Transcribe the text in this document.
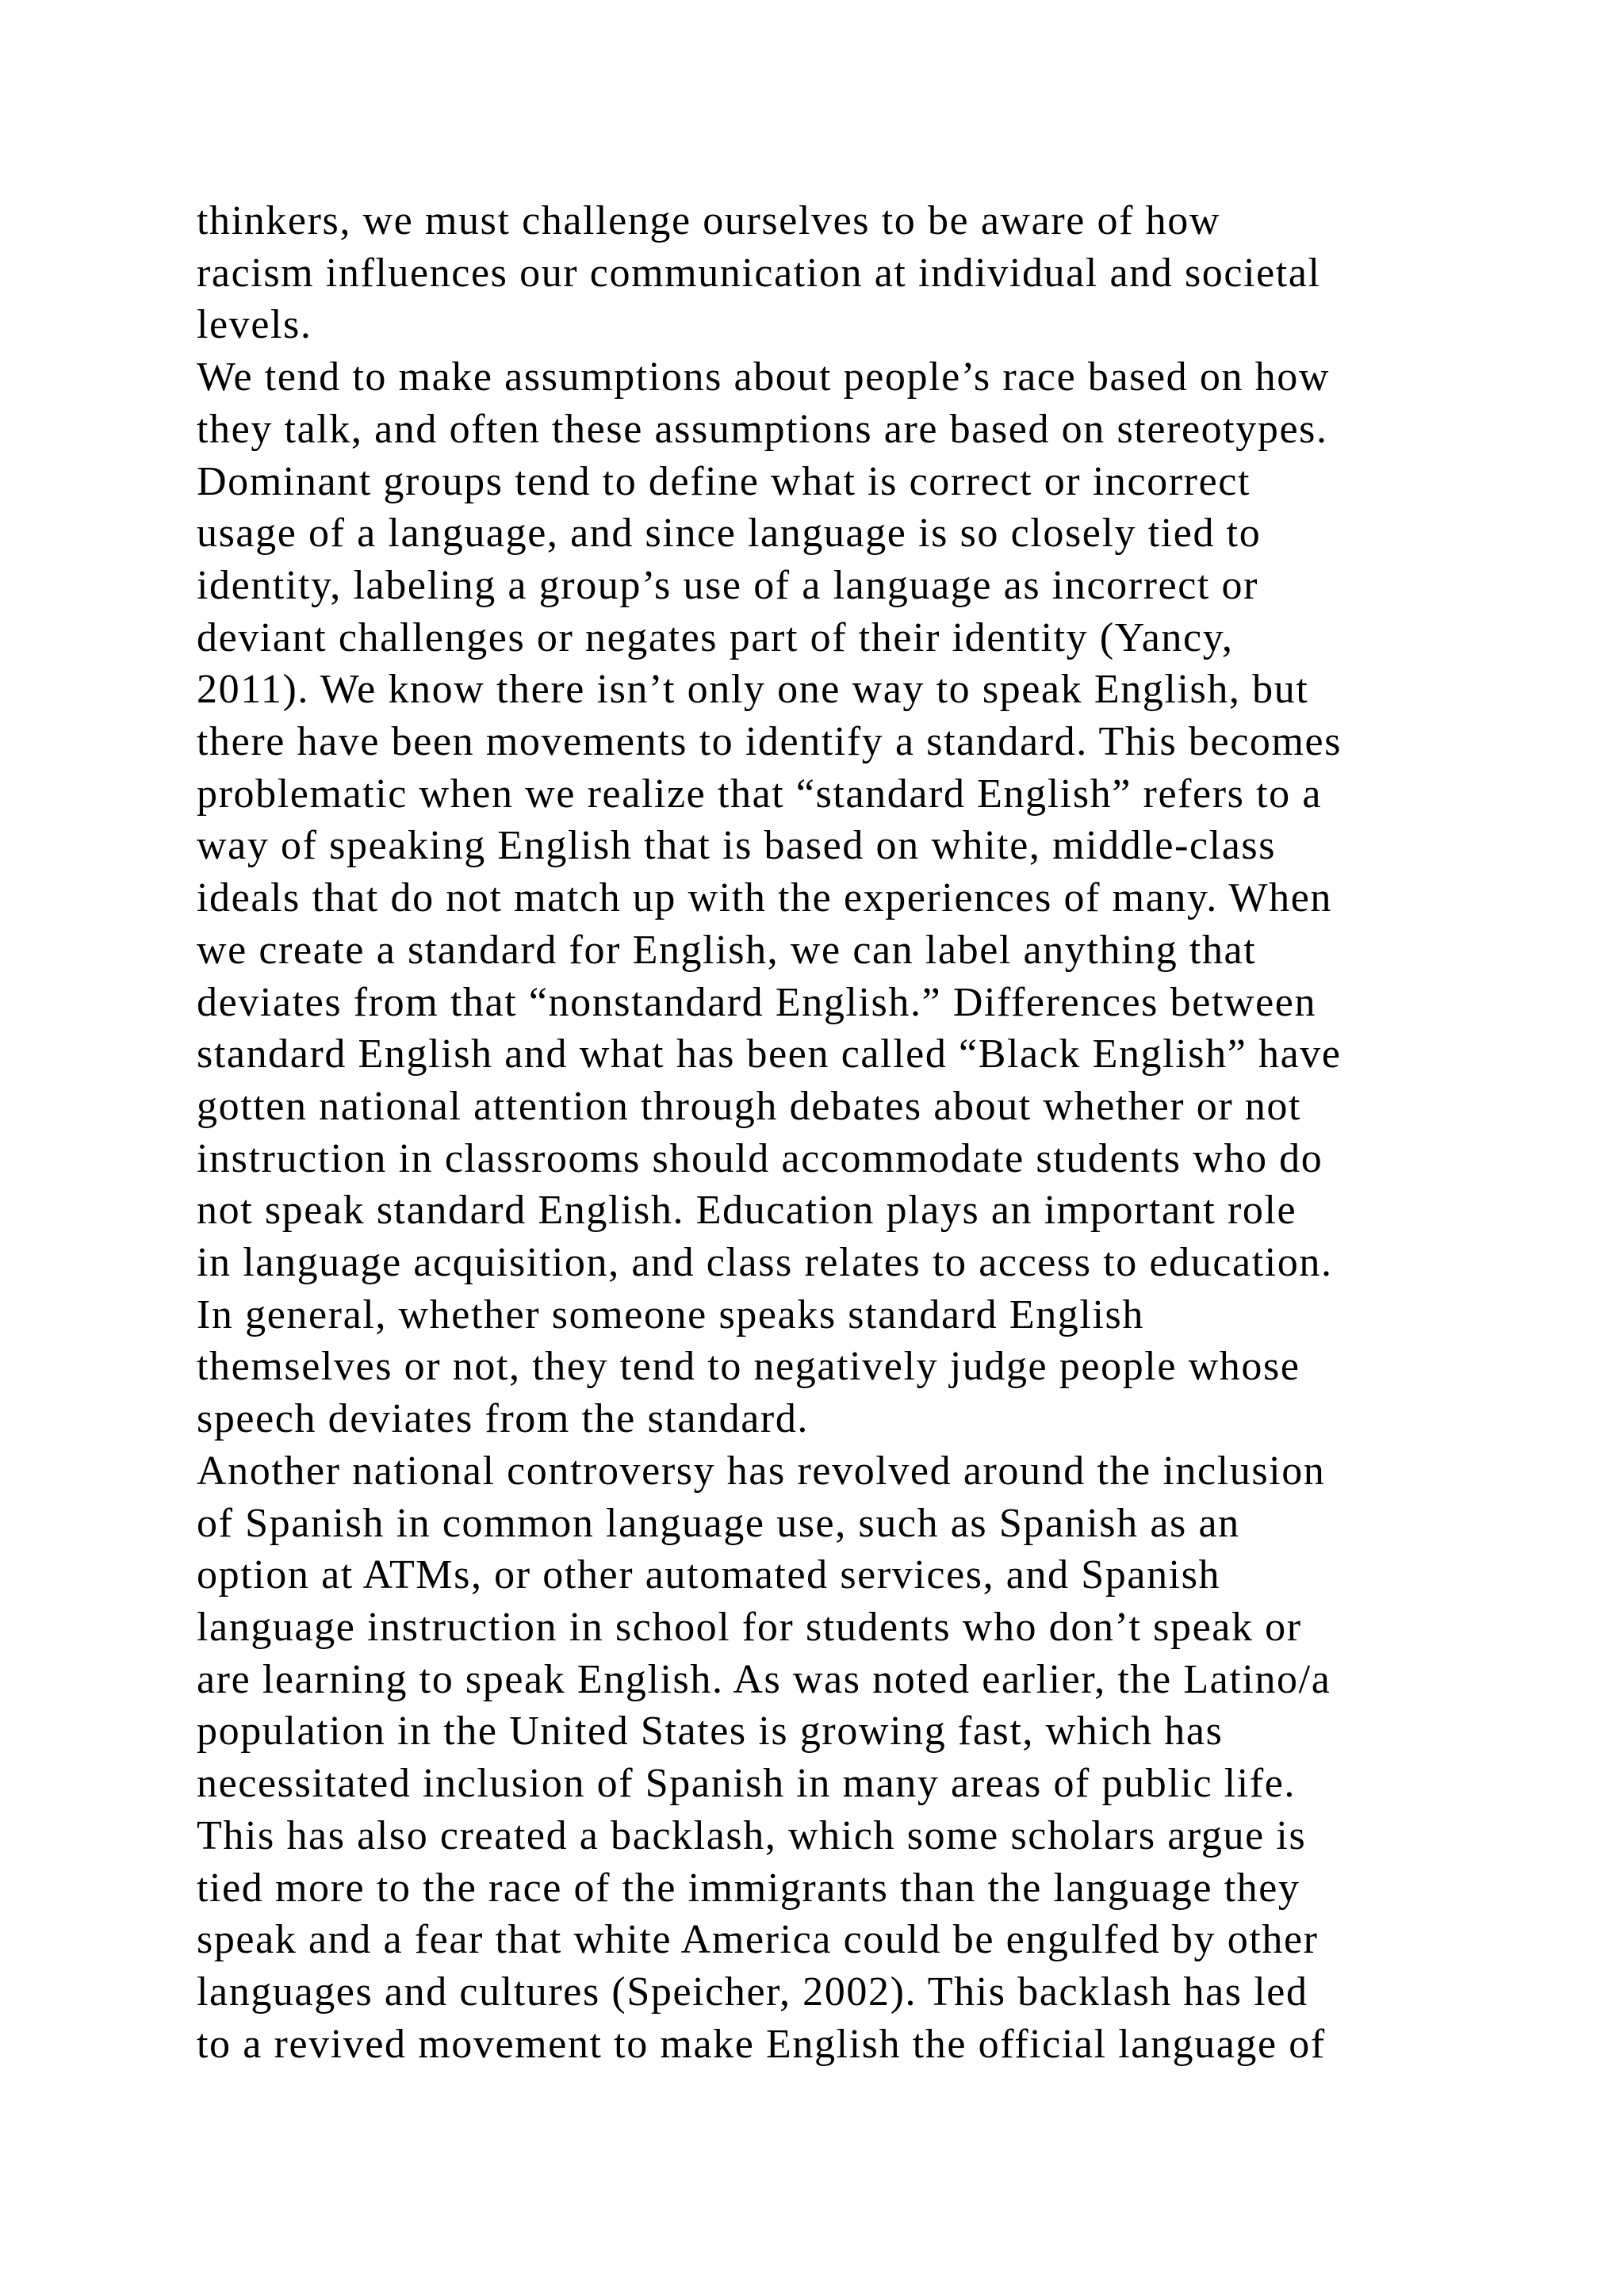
thinkers, we must challenge ourselves to be aware of how
racism influences our communication at individual and societal
levels.
We tend to make assumptions about people’s race based on how
they talk, and often these assumptions are based on stereotypes.
Dominant groups tend to define what is correct or incorrect
usage of a language, and since language is so closely tied to
identity, labeling a group’s use of a language as incorrect or
deviant challenges or negates part of their identity (Yancy,
2011). We know there isn’t only one way to speak English, but
there have been movements to identify a standard. This becomes
problematic when we realize that “standard English” refers to a
way of speaking English that is based on white, middle-class
ideals that do not match up with the experiences of many. When
we create a standard for English, we can label anything that
deviates from that “nonstandard English.” Differences between
standard English and what has been called “Black English” have
gotten national attention through debates about whether or not
instruction in classrooms should accommodate students who do
not speak standard English. Education plays an important role
in language acquisition, and class relates to access to education.
In general, whether someone speaks standard English
themselves or not, they tend to negatively judge people whose
speech deviates from the standard.
Another national controversy has revolved around the inclusion
of Spanish in common language use, such as Spanish as an
option at ATMs, or other automated services, and Spanish
language instruction in school for students who don’t speak or
are learning to speak English. As was noted earlier, the Latino/a
population in the United States is growing fast, which has
necessitated inclusion of Spanish in many areas of public life.
This has also created a backlash, which some scholars argue is
tied more to the race of the immigrants than the language they
speak and a fear that white America could be engulfed by other
languages and cultures (Speicher, 2002). This backlash has led
to a revived movement to make English the official language of
